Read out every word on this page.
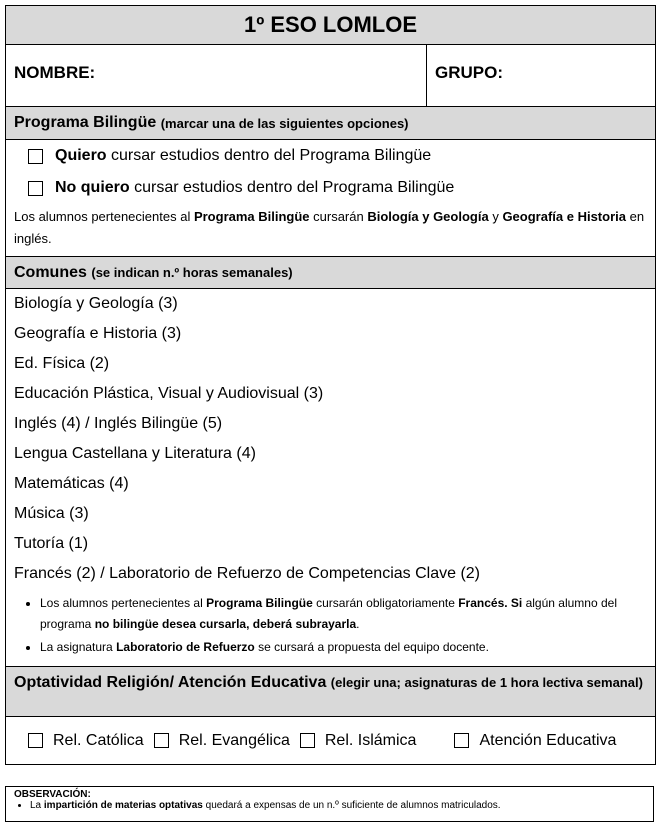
1º ESO LOMLOE
NOMBRE:	GRUPO:
Programa Bilingüe
(marcar una de las siguientes opciones)
Quiero cursar estudios dentro del Programa Bilingüe
No quiero cursar estudios dentro del Programa Bilingüe
Los alumnos pertenecientes al Programa Bilingüe cursarán Biología y Geología y Geografía e Historia en inglés.
Comunes
(se indican n.º horas semanales)
Biología y Geología (3)
Geografía e Historia (3)
Ed. Física (2)
Educación Plástica, Visual y Audiovisual (3)
Inglés (4) / Inglés Bilingüe (5)
Lengua Castellana y Literatura (4)
Matemáticas (4)
Música (3)
Tutoría (1)
Francés (2) / Laboratorio de Refuerzo de Competencias Clave (2)
• Los alumnos pertenecientes al Programa Bilingüe cursarán obligatoriamente Francés. Si algún alumno del programa no bilingüe desea cursarla, deberá subrayarla.
• La asignatura Laboratorio de Refuerzo se cursará a propuesta del equipo docente.
Optatividad Religión/ Atención Educativa (elegir una; asignaturas de 1 hora lectiva semanal)
Rel. Católica Rel. Evangélica Rel. Islámica	Atención Educativa
OBSERVACIÓN:
• La impartición de materias optativas quedará a expensas de un n.º suficiente de alumnos matriculados.
